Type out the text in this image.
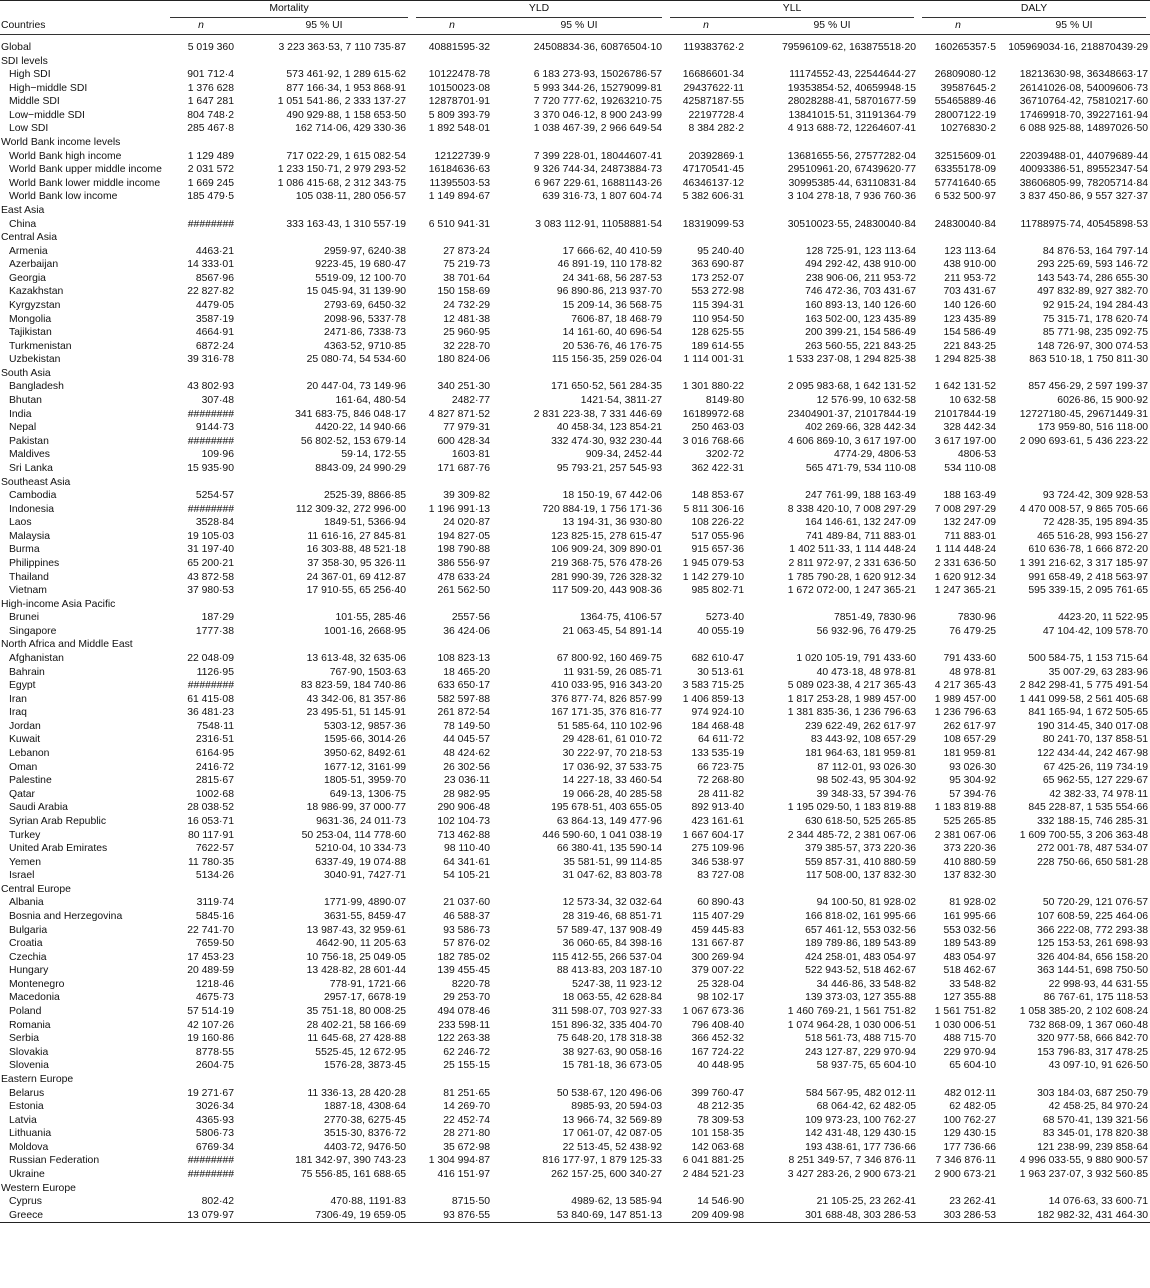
	Mortality		YLD		YLL		DALY	

Countries	n	95 % UI	n	95 % UI	n	95 % UI	n	95 % UI

Global	5 019 360	3 223 363·53, 7 110 735·87	40881595·32	24508834·36, 60876504·10	119383762·2	79596109·62, 163875518·20	160265357·5	105969034·16, 218870439·29
SDI levels								
High SDI	901 712·4	573 461·92, 1 289 615·62	10122478·78	6 183 273·93, 15026786·57	16686601·34	11174552·43, 22544644·27	26809080·12	18213630·98, 36348663·17
High−middle SDI	1 376 628	877 166·34, 1 953 868·91	10150023·08	5 993 344·26, 15279099·81	29437622·11	19353854·52, 40659948·15	39587645·2	26141026·08, 54009606·73
Middle SDI	1 647 281	1 051 541·86, 2 333 137·27	12878701·91	7 720 777·62, 19263210·75	42587187·55	28028288·41, 58701677·59	55465889·46	36710764·42, 75810217·60
Low−middle SDI	804 748·2	490 929·88, 1 158 653·50	5 809 393·79	3 370 046·12, 8 900 243·99	22197728·4	13841015·51, 31191364·79	28007122·19	17469918·70, 39227161·94
Low SDI	285 467·8	162 714·06, 429 330·36	1 892 548·01	1 038 467·39, 2 966 649·54	8 384 282·2	4 913 688·72, 12264607·41	10276830·2	6 088 925·88, 14897026·50
World Bank income levels								
World Bank high income	1 129 489	717 022·29, 1 615 082·54	12122739·9	7 399 228·01, 18044607·41	20392869·1	13681655·56, 27577282·04	32515609·01	22039488·01, 44079689·44
World Bank upper middle income	2 031 572	1 233 150·71, 2 979 293·52	16184636·63	9 326 744·34, 24873884·73	47170541·45	29510961·20, 67439620·77	63355178·09	40093386·51, 89552347·54
World Bank lower middle income	1 669 245	1 086 415·68, 2 312 343·75	11395503·53	6 967 229·61, 16881143·26	46346137·12	30995385·44, 63110831·84	57741640·65	38606805·99, 78205714·84
World Bank low income	185 479·5	105 038·11, 280 056·57	1 149 894·67	639 316·73, 1 807 604·74	5 382 606·31	3 104 278·18, 7 936 760·36	6 532 500·97	3 837 450·86, 9 557 327·37
East Asia								
China	########	333 163·43, 1 310 557·19	6 510 941·31	3 083 112·91, 11058881·54	18319099·53	30510023·55, 24830040·84	24830040·84	11788975·74, 40545898·53
Central Asia								
Armenia	4463·21	2959·97, 6240·38	27 873·24	17 666·62, 40 410·59	95 240·40	128 725·91, 123 113·64	123 113·64	84 876·53, 164 797·14
Azerbaijan	14 333·01	9223·45, 19 680·47	75 219·73	46 891·19, 110 178·82	363 690·87	494 292·42, 438 910·00	438 910·00	293 225·69, 593 146·72
Georgia	8567·96	5519·09, 12 100·70	38 701·64	24 341·68, 56 287·53	173 252·07	238 906·06, 211 953·72	211 953·72	143 543·74, 286 655·30
Kazakhstan	22 827·82	15 045·94, 31 139·90	150 158·69	96 890·86, 213 937·70	553 272·98	746 472·36, 703 431·67	703 431·67	497 832·89, 927 382·70
Kyrgyzstan	4479·05	2793·69, 6450·32	24 732·29	15 209·14, 36 568·75	115 394·31	160 893·13, 140 126·60	140 126·60	92 915·24, 194 284·43
Mongolia	3587·19	2098·96, 5337·78	12 481·38	7606·87, 18 468·79	110 954·50	163 502·00, 123 435·89	123 435·89	75 315·71, 178 620·74
Tajikistan	4664·91	2471·86, 7338·73	25 960·95	14 161·60, 40 696·54	128 625·55	200 399·21, 154 586·49	154 586·49	85 771·98, 235 092·75
Turkmenistan	6872·24	4363·52, 9710·85	32 228·70	20 536·76, 46 176·75	189 614·55	263 560·55, 221 843·25	221 843·25	148 726·97, 300 074·53
Uzbekistan	39 316·78	25 080·74, 54 534·60	180 824·06	115 156·35, 259 026·04	1 114 001·31	1 533 237·08, 1 294 825·38	1 294 825·38	863 510·18, 1 750 811·30
South Asia								
Bangladesh	43 802·93	20 447·04, 73 149·96	340 251·30	171 650·52, 561 284·35	1 301 880·22	2 095 983·68, 1 642 131·52	1 642 131·52	857 456·29, 2 597 199·37
Bhutan	307·48	161·64, 480·54	2482·77	1421·54, 3811·27	8149·80	12 576·99, 10 632·58	10 632·58	6026·86, 15 900·92
India	########	341 683·75, 846 048·17	4 827 871·52	2 831 223·38, 7 331 446·69	16189972·68	23404901·37, 21017844·19	21017844·19	12727180·45, 29671449·31
Nepal	9144·73	4420·22, 14 940·66	77 979·31	40 458·34, 123 854·21	250 463·03	402 269·66, 328 442·34	328 442·34	173 959·80, 516 118·00
Pakistan	########	56 802·52, 153 679·14	600 428·34	332 474·30, 932 230·44	3 016 768·66	4 606 869·10, 3 617 197·00	3 617 197·00	2 090 693·61, 5 436 223·22
Maldives	109·96	59·14, 172·55	1603·81	909·34, 2452·44	3202·72	4774·29, 4806·53	4806·53	
Sri Lanka	15 935·90	8843·09, 24 990·29	171 687·76	95 793·21, 257 545·93	362 422·31	565 471·79, 534 110·08	534 110·08	
Southeast Asia								
Cambodia	5254·57	2525·39, 8866·85	39 309·82	18 150·19, 67 442·06	148 853·67	247 761·99, 188 163·49	188 163·49	93 724·42, 309 928·53
Indonesia	########	112 309·32, 272 996·00	1 196 991·13	720 884·19, 1 756 171·36	5 811 306·16	8 338 420·10, 7 008 297·29	7 008 297·29	4 470 008·57, 9 865 705·66
Laos	3528·84	1849·51, 5366·94	24 020·87	13 194·31, 36 930·80	108 226·22	164 146·61, 132 247·09	132 247·09	72 428·35, 195 894·35
Malaysia	19 105·03	11 616·16, 27 845·81	194 827·05	123 825·15, 278 615·47	517 055·96	741 489·84, 711 883·01	711 883·01	465 516·28, 993 156·27
Burma	31 197·40	16 303·88, 48 521·18	198 790·88	106 909·24, 309 890·01	915 657·36	1 402 511·33, 1 114 448·24	1 114 448·24	610 636·78, 1 666 872·20
Philippines	65 200·21	37 358·30, 95 326·11	386 556·97	219 368·75, 576 478·26	1 945 079·53	2 811 972·97, 2 331 636·50	2 331 636·50	1 391 216·62, 3 317 185·97
Thailand	43 872·58	24 367·01, 69 412·87	478 633·24	281 990·39, 726 328·32	1 142 279·10	1 785 790·28, 1 620 912·34	1 620 912·34	991 658·49, 2 418 563·97
Vietnam	37 980·53	17 910·55, 65 256·40	261 562·50	117 509·20, 443 908·36	985 802·71	1 672 072·00, 1 247 365·21	1 247 365·21	595 339·15, 2 095 761·65
High-income Asia Pacific								
Brunei	187·29	101·55, 285·46	2557·56	1364·75, 4106·57	5273·40	7851·49, 7830·96	7830·96	4423·20, 11 522·95
Singapore	1777·38	1001·16, 2668·95	36 424·06	21 063·45, 54 891·14	40 055·19	56 932·96, 76 479·25	76 479·25	47 104·42, 109 578·70
North Africa and Middle East								
Afghanistan	22 048·09	13 613·48, 32 635·06	108 823·13	67 800·92, 160 469·75	682 610·47	1 020 105·19, 791 433·60	791 433·60	500 584·75, 1 153 715·64
Bahrain	1126·95	767·90, 1503·63	18 465·20	11 931·59, 26 085·71	30 513·61	40 473·18, 48 978·81	48 978·81	35 007·29, 63 283·96
Egypt	########	83 823·59, 184 740·86	633 650·17	410 033·95, 916 343·20	3 583 715·25	5 089 023·38, 4 217 365·43	4 217 365·43	2 842 298·41, 5 775 491·54
Iran	61 415·08	43 342·06, 81 357·86	582 597·88	376 877·74, 826 857·99	1 406 859·13	1 817 253·28, 1 989 457·00	1 989 457·00	1 441 099·58, 2 561 405·68
Iraq	36 481·23	23 495·51, 51 145·91	261 872·54	167 171·35, 376 816·77	974 924·10	1 381 835·36, 1 236 796·63	1 236 796·63	841 165·94, 1 672 505·65
Jordan	7548·11	5303·12, 9857·36	78 149·50	51 585·64, 110 102·96	184 468·48	239 622·49, 262 617·97	262 617·97	190 314·45, 340 017·08
Kuwait	2316·51	1595·66, 3014·26	44 045·57	29 428·61, 61 010·72	64 611·72	83 443·92, 108 657·29	108 657·29	80 241·70, 137 858·51
Lebanon	6164·95	3950·62, 8492·61	48 424·62	30 222·97, 70 218·53	133 535·19	181 964·63, 181 959·81	181 959·81	122 434·44, 242 467·98
Oman	2416·72	1677·12, 3161·99	26 302·56	17 036·92, 37 533·75	66 723·75	87 112·01, 93 026·30	93 026·30	67 425·26, 119 734·19
Palestine	2815·67	1805·51, 3959·70	23 036·11	14 227·18, 33 460·54	72 268·80	98 502·43, 95 304·92	95 304·92	65 962·55, 127 229·67
Qatar	1002·68	649·13, 1306·75	28 982·95	19 066·28, 40 285·58	28 411·82	39 348·33, 57 394·76	57 394·76	42 382·33, 74 978·11
Saudi Arabia	28 038·52	18 986·99, 37 000·77	290 906·48	195 678·51, 403 655·05	892 913·40	1 195 029·50, 1 183 819·88	1 183 819·88	845 228·87, 1 535 554·66
Syrian Arab Republic	16 053·71	9631·36, 24 011·73	102 104·73	63 864·13, 149 477·96	423 161·61	630 618·50, 525 265·85	525 265·85	332 188·15, 746 285·31
Turkey	80 117·91	50 253·04, 114 778·60	713 462·88	446 590·60, 1 041 038·19	1 667 604·17	2 344 485·72, 2 381 067·06	2 381 067·06	1 609 700·55, 3 206 363·48
United Arab Emirates	7622·57	5210·04, 10 334·73	98 110·40	66 380·41, 135 590·14	275 109·96	379 385·57, 373 220·36	373 220·36	272 001·78, 487 534·07
Yemen	11 780·35	6337·49, 19 074·88	64 341·61	35 581·51, 99 114·85	346 538·97	559 857·31, 410 880·59	410 880·59	228 750·66, 650 581·28
Israel	5134·26	3040·91, 7427·71	54 105·21	31 047·62, 83 803·78	83 727·08	117 508·00, 137 832·30	137 832·30	
Central Europe								
Albania	3119·74	1771·99, 4890·07	21 037·60	12 573·34, 32 032·64	60 890·43	94 100·50, 81 928·02	81 928·02	50 720·29, 121 076·57
Bosnia and Herzegovina	5845·16	3631·55, 8459·47	46 588·37	28 319·46, 68 851·71	115 407·29	166 818·02, 161 995·66	161 995·66	107 608·59, 225 464·06
Bulgaria	22 741·70	13 987·43, 32 959·61	93 586·73	57 589·47, 137 908·49	459 445·83	657 461·12, 553 032·56	553 032·56	366 222·08, 772 293·38
Croatia	7659·50	4642·90, 11 205·63	57 876·02	36 060·65, 84 398·16	131 667·87	189 789·86, 189 543·89	189 543·89	125 153·53, 261 698·93
Czechia	17 453·23	10 756·18, 25 049·05	182 785·02	115 412·55, 266 537·04	300 269·94	424 258·01, 483 054·97	483 054·97	326 404·84, 656 158·20
Hungary	20 489·59	13 428·82, 28 601·44	139 455·45	88 413·83, 203 187·10	379 007·22	522 943·52, 518 462·67	518 462·67	363 144·51, 698 750·50
Montenegro	1218·46	778·91, 1721·66	8220·78	5247·38, 11 923·12	25 328·04	34 446·86, 33 548·82	33 548·82	22 998·93, 44 631·55
Macedonia	4675·73	2957·17, 6678·19	29 253·70	18 063·55, 42 628·84	98 102·17	139 373·03, 127 355·88	127 355·88	86 767·61, 175 118·53
Poland	57 514·19	35 751·18, 80 008·25	494 078·46	311 598·07, 703 927·33	1 067 673·36	1 460 769·21, 1 561 751·82	1 561 751·82	1 058 385·20, 2 102 608·24
Romania	42 107·26	28 402·21, 58 166·69	233 598·11	151 896·32, 335 404·70	796 408·40	1 074 964·28, 1 030 006·51	1 030 006·51	732 868·09, 1 367 060·48
Serbia	19 160·86	11 645·68, 27 428·88	122 263·38	75 648·20, 178 318·38	366 452·32	518 561·73, 488 715·70	488 715·70	320 977·58, 666 842·70
Slovakia	8778·55	5525·45, 12 672·95	62 246·72	38 927·63, 90 058·16	167 724·22	243 127·87, 229 970·94	229 970·94	153 796·83, 317 478·25
Slovenia	2604·75	1576·28, 3873·45	25 155·15	15 781·18, 36 673·05	40 448·95	58 937·75, 65 604·10	65 604·10	43 097·10, 91 626·50
Eastern Europe								
Belarus	19 271·67	11 336·13, 28 420·28	81 251·65	50 538·67, 120 496·06	399 760·47	584 567·95, 482 012·11	482 012·11	303 184·03, 687 250·79
Estonia	3026·34	1887·18, 4308·64	14 269·70	8985·93, 20 594·03	48 212·35	68 064·42, 62 482·05	62 482·05	42 458·25, 84 970·24
Latvia	4365·93	2770·38, 6275·45	22 452·74	13 966·74, 32 569·89	78 309·53	109 973·23, 100 762·27	100 762·27	68 570·41, 139 321·56
Lithuania	5806·73	3515·30, 8376·72	28 271·80	17 061·07, 42 087·05	101 158·35	142 431·48, 129 430·15	129 430·15	83 345·01, 178 820·38
Moldova	6769·34	4403·72, 9476·50	35 672·98	22 513·45, 52 438·92	142 063·68	193 438·61, 177 736·66	177 736·66	121 238·99, 239 858·64
Russian Federation	########	181 342·97, 390 743·23	1 304 994·87	816 177·97, 1 879 125·33	6 041 881·25	8 251 349·57, 7 346 876·11	7 346 876·11	4 996 033·55, 9 880 900·57
Ukraine	########	75 556·85, 161 688·65	416 151·97	262 157·25, 600 340·27	2 484 521·23	3 427 283·26, 2 900 673·21	2 900 673·21	1 963 237·07, 3 932 560·85
Western Europe								
Cyprus	802·42	470·88, 1191·83	8715·50	4989·62, 13 585·94	14 546·90	21 105·25, 23 262·41	23 262·41	14 076·63, 33 600·71
Greece	13 079·97	7306·49, 19 659·05	93 876·55	53 840·69, 147 851·13	209 409·98	301 688·48, 303 286·53	303 286·53	182 982·32, 431 464·30
